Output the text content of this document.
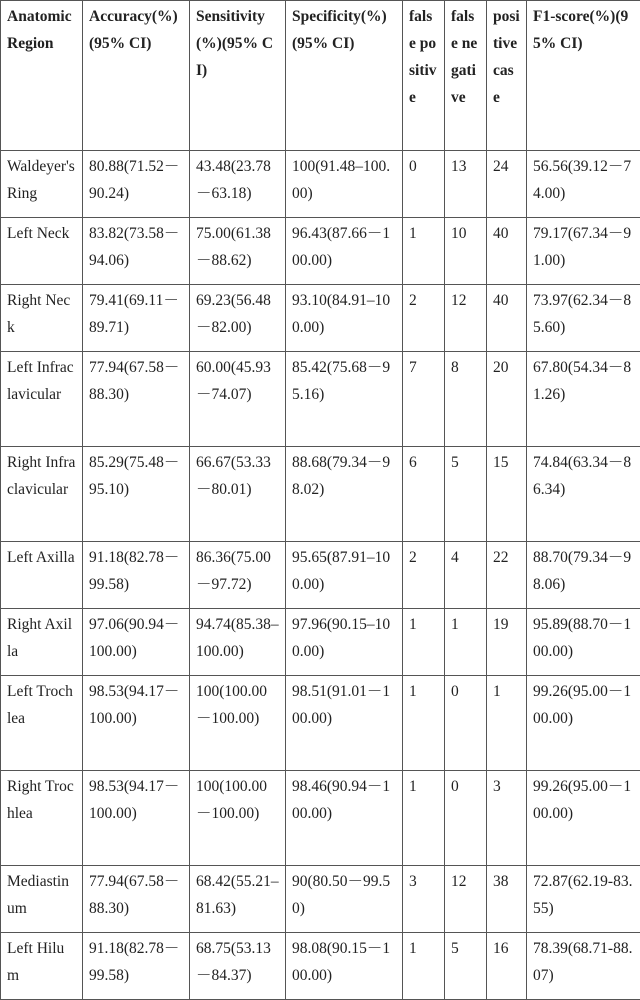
Anatomic Region	Accuracy(%)(95% CI)	Sensitivity(%)(95% CI)	Specificity(%)(95% CI)	false positive	false negative	positive case	F1-score(%)(95% CI)
Waldeyer's Ring	80.88(71.52－90.24)	43.48(23.78－63.18)	100(91.48–100.00)	0	13	24	56.56(39.12－74.00)
Left Neck	83.82(73.58－94.06)	75.00(61.38－88.62)	96.43(87.66－100.00)	1	10	40	79.17(67.34－91.00)
Right Neck	79.41(69.11－89.71)	69.23(56.48－82.00)	93.10(84.91–100.00)	2	12	40	73.97(62.34－85.60)
Left Infraclavicular	77.94(67.58－88.30)	60.00(45.93－74.07)	85.42(75.68－95.16)	7	8	20	67.80(54.34－81.26)
Right Infraclavicular	85.29(75.48－95.10)	66.67(53.33－80.01)	88.68(79.34－98.02)	6	5	15	74.84(63.34－86.34)
Left Axilla	91.18(82.78－99.58)	86.36(75.00－97.72)	95.65(87.91–100.00)	2	4	22	88.70(79.34－98.06)
Right Axilla	97.06(90.94－100.00)	94.74(85.38–100.00)	97.96(90.15–100.00)	1	1	19	95.89(88.70－100.00)
Left Trochlea	98.53(94.17－100.00)	100(100.00－100.00)	98.51(91.01－100.00)	1	0	1	99.26(95.00－100.00)
Right Trochlea	98.53(94.17－100.00)	100(100.00－100.00)	98.46(90.94－100.00)	1	0	3	99.26(95.00－100.00)
Mediastinum	77.94(67.58－88.30)	68.42(55.21–81.63)	90(80.50－99.50)	3	12	38	72.87(62.19-83.55)
Left Hilum	91.18(82.78－99.58)	68.75(53.13－84.37)	98.08(90.15－100.00)	1	5	16	78.39(68.71-88.07)
